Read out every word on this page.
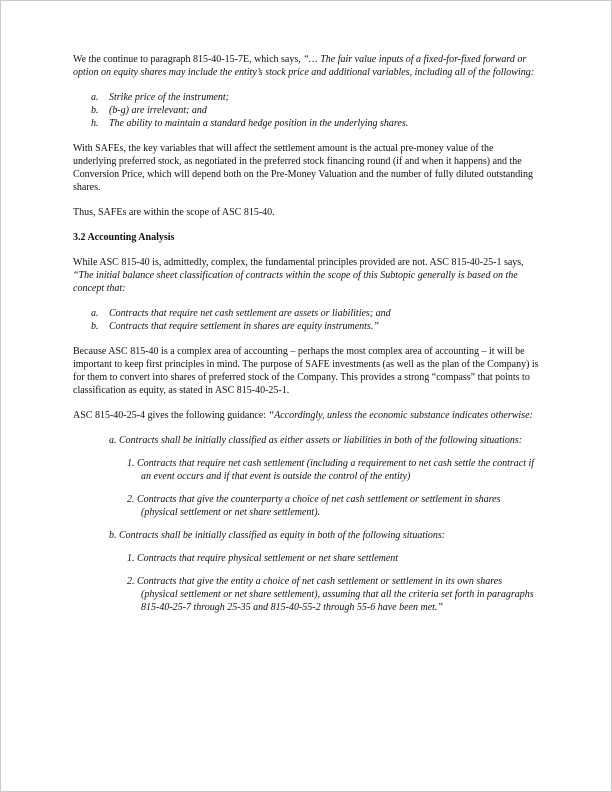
We the continue to paragraph 815-40-15-7E, which says, “… The fair value inputs of a fixed-for-fixed forward or option on equity shares may include the entity’s stock price and additional variables, including all of the following:

a. Strike price of the instrument;
b. (b-g) are irrelevant; and
h. The ability to maintain a standard hedge position in the underlying shares.

With SAFEs, the key variables that will affect the settlement amount is the actual pre-money value of the underlying preferred stock, as negotiated in the preferred stock financing round (if and when it happens) and the Conversion Price, which will depend both on the Pre-Money Valuation and the number of fully diluted outstanding shares.

Thus, SAFEs are within the scope of ASC 815-40.

3.2 Accounting Analysis

While ASC 815-40 is, admittedly, complex, the fundamental principles provided are not. ASC 815-40-25-1 says, “The initial balance sheet classification of contracts within the scope of this Subtopic generally is based on the concept that:

a. Contracts that require net cash settlement are assets or liabilities; and
b. Contracts that require settlement in shares are equity instruments.”

Because ASC 815-40 is a complex area of accounting – perhaps the most complex area of accounting – it will be important to keep first principles in mind. The purpose of SAFE investments (as well as the plan of the Company) is for them to convert into shares of preferred stock of the Company. This provides a strong “compass” that points to classification as equity, as stated in ASC 815-40-25-1.

ASC 815-40-25-4 gives the following guidance: “Accordingly, unless the economic substance indicates otherwise:

a. Contracts shall be initially classified as either assets or liabilities in both of the following situations:
1. Contracts that require net cash settlement (including a requirement to net cash settle the contract if an event occurs and if that event is outside the control of the entity)
2. Contracts that give the counterparty a choice of net cash settlement or settlement in shares (physical settlement or net share settlement).
b. Contracts shall be initially classified as equity in both of the following situations:
1. Contracts that require physical settlement or net share settlement
2. Contracts that give the entity a choice of net cash settlement or settlement in its own shares (physical settlement or net share settlement), assuming that all the criteria set forth in paragraphs 815-40-25-7 through 25-35 and 815-40-55-2 through 55-6 have been met.”
